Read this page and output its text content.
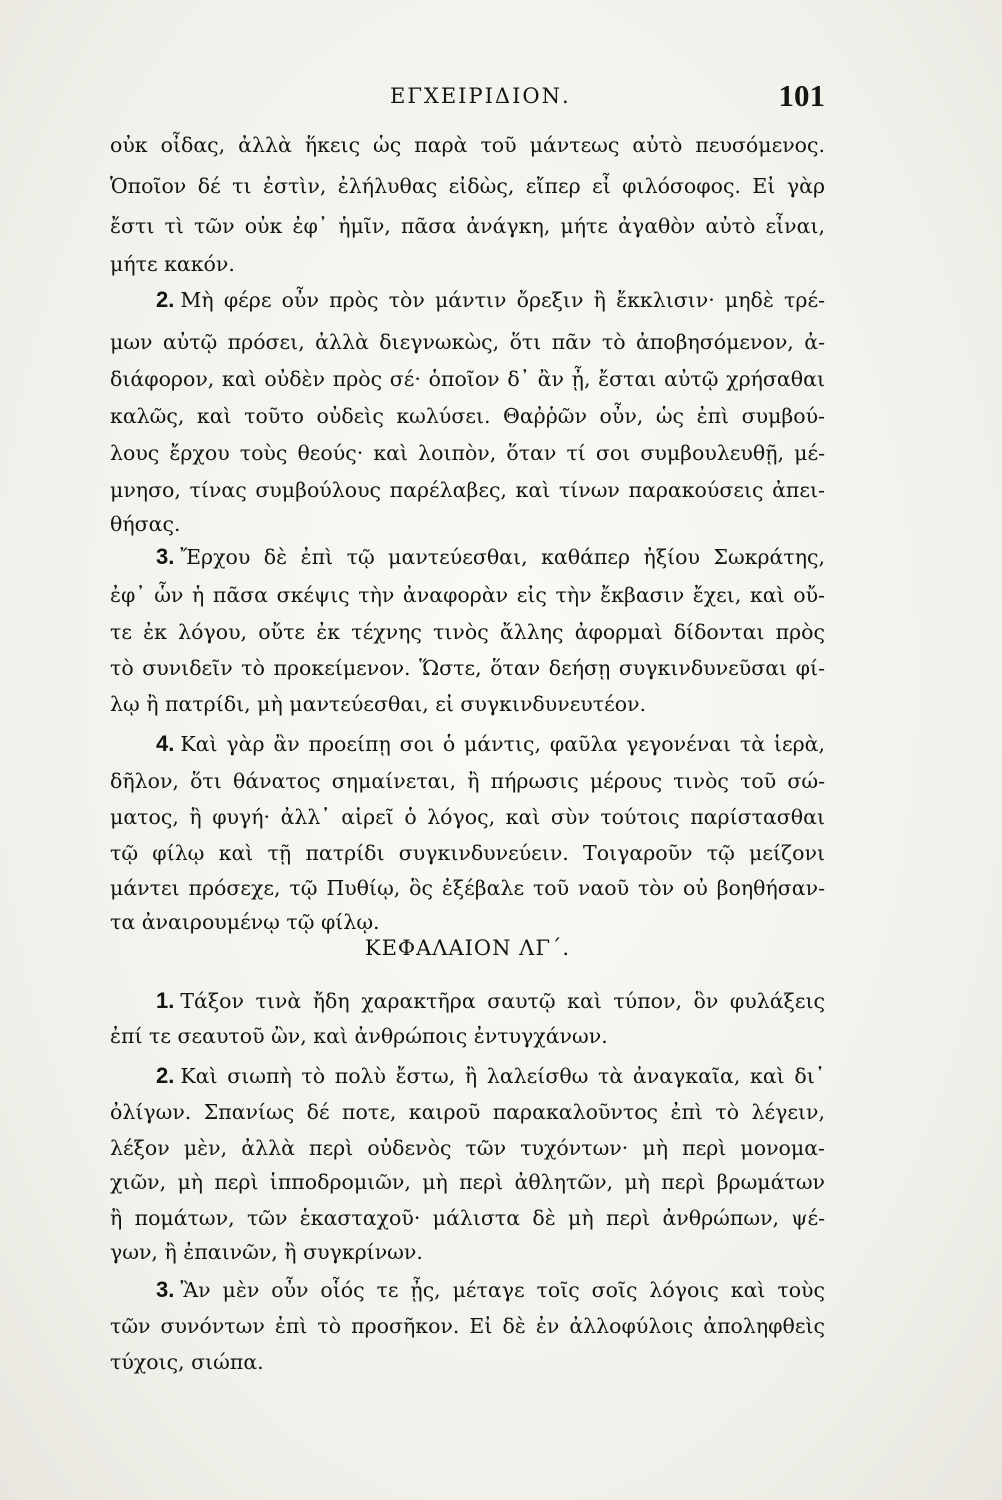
ΕΓΧΕΙΡΙΔΙΟΝ.	101
οὐκ οἶδας, ἀλλὰ ἥκεις ὡς παρὰ τοῦ μάντεως αὐτὸ πευσόμενος.
Ὁποῖον δέ τι ἐστὶν, ἐλήλυθας εἰδὼς, εἴπερ εἶ φιλόσοφος. Εἰ γὰρ
ἔστι τὶ τῶν οὐκ ἐφ᾽ ἡμῖν, πᾶσα ἀνάγκη, μήτε ἀγαθὸν αὐτὸ εἶναι,
μήτε κακόν.
2. Μὴ φέρε οὖν πρὸς τὸν μάντιν ὄρεξιν ἢ ἔκκλισιν· μηδὲ τρέ-
μων αὐτῷ πρόσει, ἀλλὰ διεγνωκὼς, ὅτι πᾶν τὸ ἀποβησόμενον, ἀ-
διάφορον, καὶ οὐδὲν πρὸς σέ· ὁποῖον δ᾽ ἂν ᾖ, ἔσται αὐτῷ χρήσαθαι
καλῶς, καὶ τοῦτο οὐδεὶς κωλύσει. Θαῤῥῶν οὖν, ὡς ἐπὶ συμβού-
λους ἔρχου τοὺς θεούς· καὶ λοιπὸν, ὅταν τί σοι συμβουλευθῇ, μέ-
μνησο, τίνας συμβούλους παρέλαβες, καὶ τίνων παρακούσεις ἀπει-
θήσας.
3. Ἔρχου δὲ ἐπὶ τῷ μαντεύεσθαι, καθάπερ ἠξίου Σωκράτης,
ἐφ᾽ ὧν ἡ πᾶσα σκέψις τὴν ἀναφορὰν εἰς τὴν ἔκβασιν ἔχει, καὶ οὔ-
τε ἐκ λόγου, οὔτε ἐκ τέχνης τινὸς ἄλλης ἀφορμαὶ δίδονται πρὸς
τὸ συνιδεῖν τὸ προκείμενον. Ὥστε, ὅταν δεήσῃ συγκινδυνεῦσαι φί-
λῳ ἢ πατρίδι, μὴ μαντεύεσθαι, εἰ συγκινδυνευτέον.
4. Καὶ γὰρ ἂν προείπῃ σοι ὁ μάντις, φαῦλα γεγονέναι τὰ ἱερὰ,
δῆλον, ὅτι θάνατος σημαίνεται, ἢ πήρωσις μέρους τινὸς τοῦ σώ-
ματος, ἢ φυγή· ἀλλ᾽ αἱρεῖ ὁ λόγος, καὶ σὺν τούτοις παρίστασθαι
τῷ φίλῳ καὶ τῇ πατρίδι συγκινδυνεύειν. Τοιγαροῦν τῷ μείζονι
μάντει πρόσεχε, τῷ Πυθίῳ, ὃς ἐξέβαλε τοῦ ναοῦ τὸν οὐ βοηθήσαν-
τα ἀναιρουμένῳ τῷ φίλῳ.
ΚΕΦΑΛΑΙΟΝ ΛΓ΄.
1. Τάξον τινὰ ἤδη χαρακτῆρα σαυτῷ καὶ τύπον, ὃν φυλάξεις
ἐπί τε σεαυτοῦ ὢν, καὶ ἀνθρώποις ἐντυγχάνων.
2. Καὶ σιωπὴ τὸ πολὺ ἔστω, ἢ λαλείσθω τὰ ἀναγκαῖα, καὶ δι᾽
ὀλίγων. Σπανίως δέ ποτε, καιροῦ παρακαλοῦντος ἐπὶ τὸ λέγειν,
λέξον μὲν, ἀλλὰ περὶ οὐδενὸς τῶν τυχόντων· μὴ περὶ μονομα-
χιῶν, μὴ περὶ ἱπποδρομιῶν, μὴ περὶ ἀθλητῶν, μὴ περὶ βρωμάτων
ἢ πομάτων, τῶν ἑκασταχοῦ· μάλιστα δὲ μὴ περὶ ἀνθρώπων, ψέ-
γων, ἢ ἐπαινῶν, ἢ συγκρίνων.
3. Ἂν μὲν οὖν οἷός τε ᾖς, μέταγε τοῖς σοῖς λόγοις καὶ τοὺς
τῶν συνόντων ἐπὶ τὸ προσῆκον. Εἰ δὲ ἐν ἀλλοφύλοις ἀποληφθεὶς
τύχοις, σιώπα.
